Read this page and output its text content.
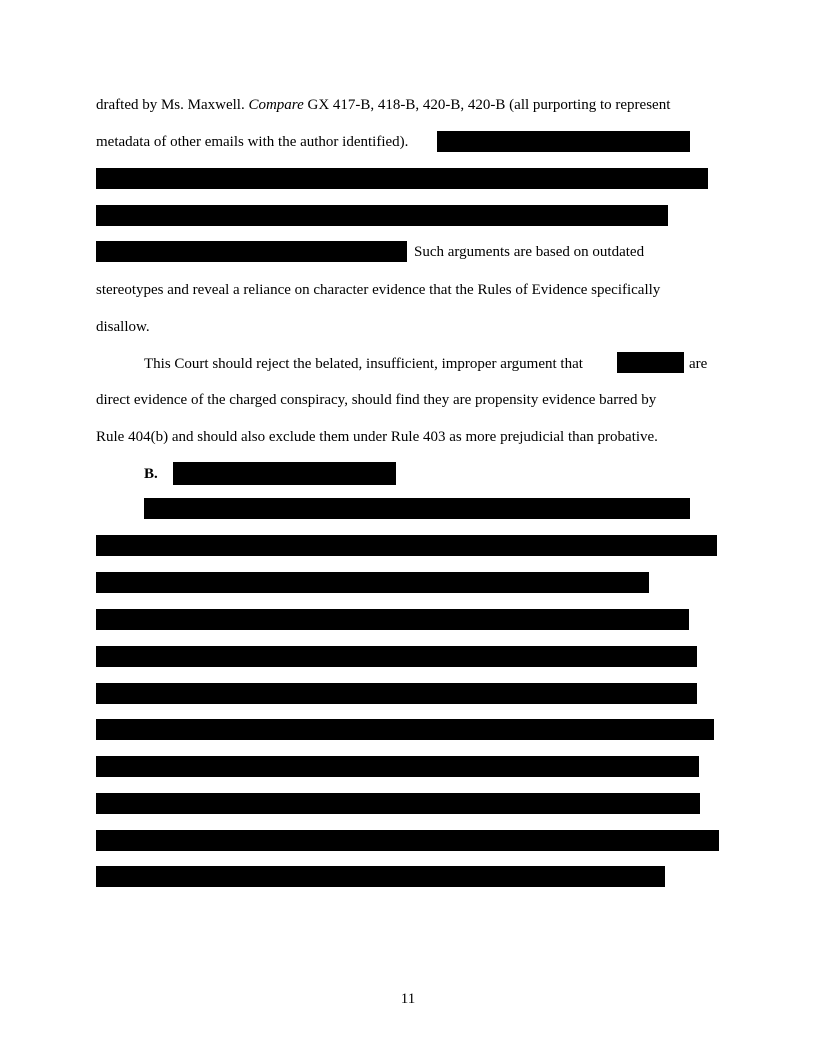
drafted by Ms. Maxwell. Compare GX 417-B, 418-B, 420-B, 420-B (all purporting to represent
metadata of other emails with the author identified).
Such arguments are based on outdated
stereotypes and reveal a reliance on character evidence that the Rules of Evidence specifically
disallow.
This Court should reject the belated, insufficient, improper argument that	are
direct evidence of the charged conspiracy, should find they are propensity evidence barred by
Rule 404(b) and should also exclude them under Rule 403 as more prejudicial than probative.
B.
11
